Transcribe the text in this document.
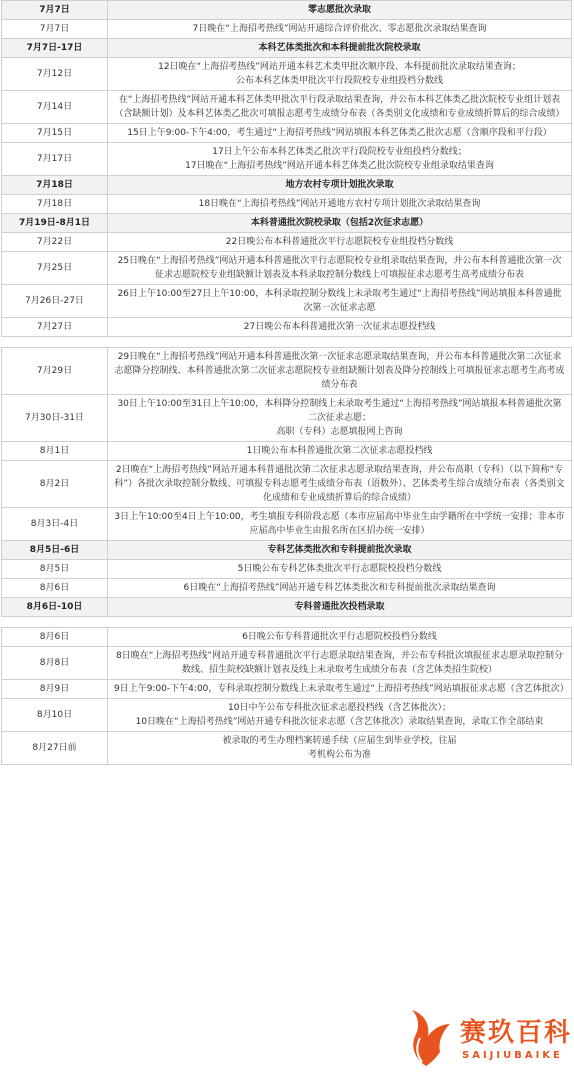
7月7日	零志愿批次录取

7月7日	7日晚在“上海招考热线”网站开通综合评价批次、零志愿批次录取结果查询

7月7日-17日	本科艺体类批次和本科提前批次院校录取

7月12日	12日晚在“上海招考热线”网站开通本科艺术类甲批次顺序段、本科提前批次录取结果查询；
公布本科艺体类甲批次平行段院校专业组投档分数线

7月14日	在“上海招考热线”网站开通本科艺体类甲批次平行段录取结果查询，并公布本科艺体类乙批次院校专业组计划表（含缺额计划）及本科艺体类乙批次可填报志愿考生成绩分布表（各类别文化成绩和专业成绩折算后的综合成绩）

7月15日	15日上午9:00-下午4:00，考生通过“上海招考热线”网站填报本科艺体类乙批次志愿（含顺序段和平行段）

7月17日	17日上午公布本科艺体类乙批次平行段院校专业组投档分数线；
17日晚在“上海招考热线”网站开通本科艺体类乙批次院校专业组录取结果查询

7月18日	地方农村专项计划批次录取

7月18日	18日晚在“上海招考热线”网站开通地方农村专项计划批次录取结果查询

7月19日-8月1日	本科普通批次院校录取（包括2次征求志愿）

7月22日	22日晚公布本科普通批次平行志愿院校专业组投档分数线

7月25日	25日晚在“上海招考热线”网站开通本科普通批次平行志愿院校专业组录取结果查询，并公布本科普通批次第一次征求志愿院校专业组缺额计划表及本科录取控制分数线上可填报征求志愿考生高考成绩分布表

7月26日-27日	26日上午10:00至27日上午10:00，本科录取控制分数线上未录取考生通过“上海招考热线”网站填报本科普通批次第一次征求志愿

7月27日	27日晚公布本科普通批次第一次征求志愿投档线
7月29日	29日晚在“上海招考热线”网站开通本科普通批次第一次征求志愿录取结果查询，并公布本科普通批次第二次征求志愿降分控制线、本科普通批次第二次征求志愿院校专业组缺额计划表及降分控制线上可填报征求志愿考生高考成绩分布表

7月30日-31日	30日上午10:00至31日上午10:00，本科降分控制线上未录取考生通过“上海招考热线”网站填报本科普通批次第二次征求志愿；
高职（专科）志愿填报网上咨询

8月1日	1日晚公布本科普通批次第二次征求志愿投档线

8月2日	2日晚在“上海招考热线”网站开通本科普通批次第二次征求志愿录取结果查询，并公布高职（专科）（以下简称“专科”）各批次录取控制分数线、可填报专科志愿考生成绩分布表（语数外）、艺体类考生综合成绩分布表（各类别文化成绩和专业成绩折算后的综合成绩）

8月3日-4日	3日上午10:00至4日上午10:00，考生填报专科阶段志愿（本市应届高中毕业生由学籍所在中学统一安排；非本市应届高中毕业生由报名所在区招办统一安排）

8月5日-6日	专科艺体类批次和专科提前批次录取

8月5日	5日晚公布专科艺体类批次平行志愿院校投档分数线

8月6日	6日晚在“上海招考热线”网站开通专科艺体类批次和专科提前批次录取结果查询

8月6日-10日	专科普通批次投档录取
8月6日	6日晚公布专科普通批次平行志愿院校投档分数线

8月8日	8日晚在“上海招考热线”网站开通专科普通批次平行志愿录取结果查询，并公布专科批次填报征求志愿录取控制分数线、招生院校缺额计划表及线上未录取考生成绩分布表（含艺体类招生院校）

8月9日	9日上午9:00-下午4:00，专科录取控制分数线上未录取考生通过“上海招考热线”网站填报征求志愿（含艺体批次）

8月10日	10日中午公布专科批次征求志愿投档线（含艺体批次）；
10日晚在“上海招考热线”网站开通专科批次征求志愿（含艺体批次）录取结果查询，录取工作全部结束

8月27日前	被录取的考生办理档案转递手续（应届生到毕业学校，往届
考机构公布为准
赛玖百科
SAIJIUBAIKE
